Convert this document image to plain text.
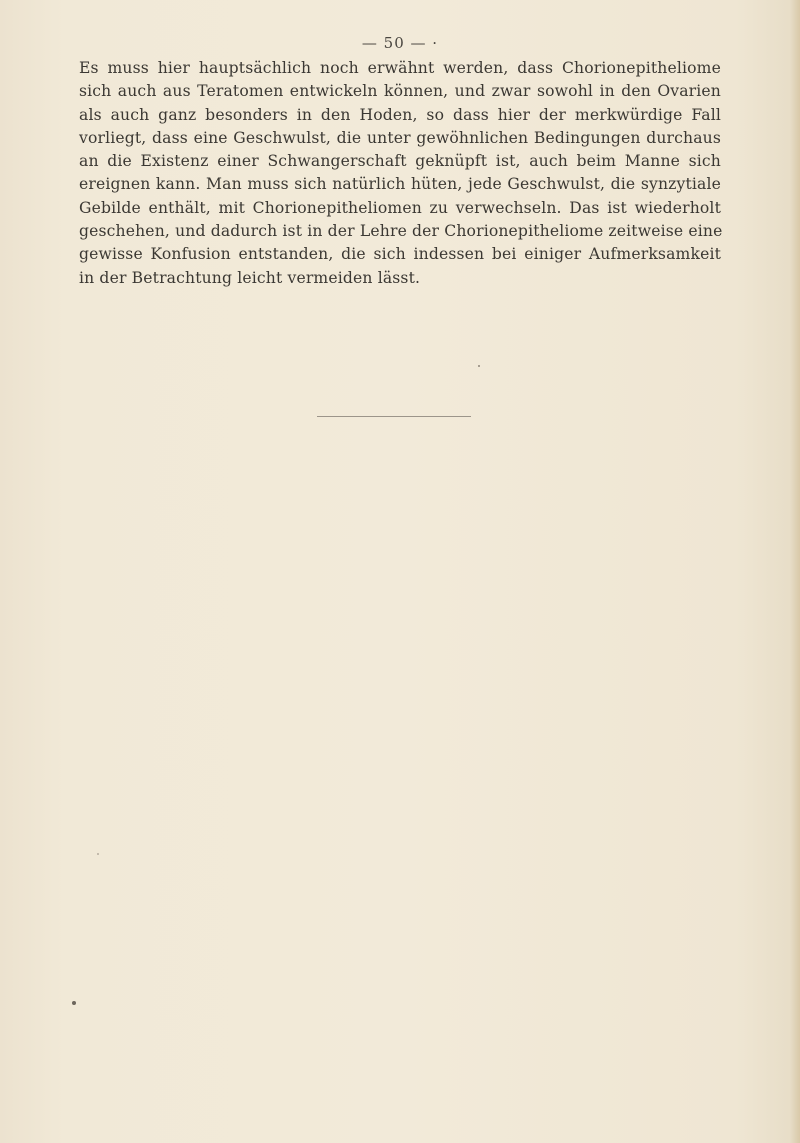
— 50 — ·
Es muss hier hauptsächlich noch erwähnt werden, dass Chorionepitheliome
sich auch aus Teratomen entwickeln können, und zwar sowohl in den Ovarien
als auch ganz besonders in den Hoden, so dass hier der merkwürdige Fall
vorliegt, dass eine Geschwulst, die unter gewöhnlichen Bedingungen durchaus
an die Existenz einer Schwangerschaft geknüpft ist, auch beim Manne sich
ereignen kann. Man muss sich natürlich hüten, jede Geschwulst, die synzytiale
Gebilde enthält, mit Chorionepitheliomen zu verwechseln. Das ist wiederholt
geschehen, und dadurch ist in der Lehre der Chorionepitheliome zeitweise eine
gewisse Konfusion entstanden, die sich indessen bei einiger Aufmerksamkeit
in der Betrachtung leicht vermeiden lässt.
